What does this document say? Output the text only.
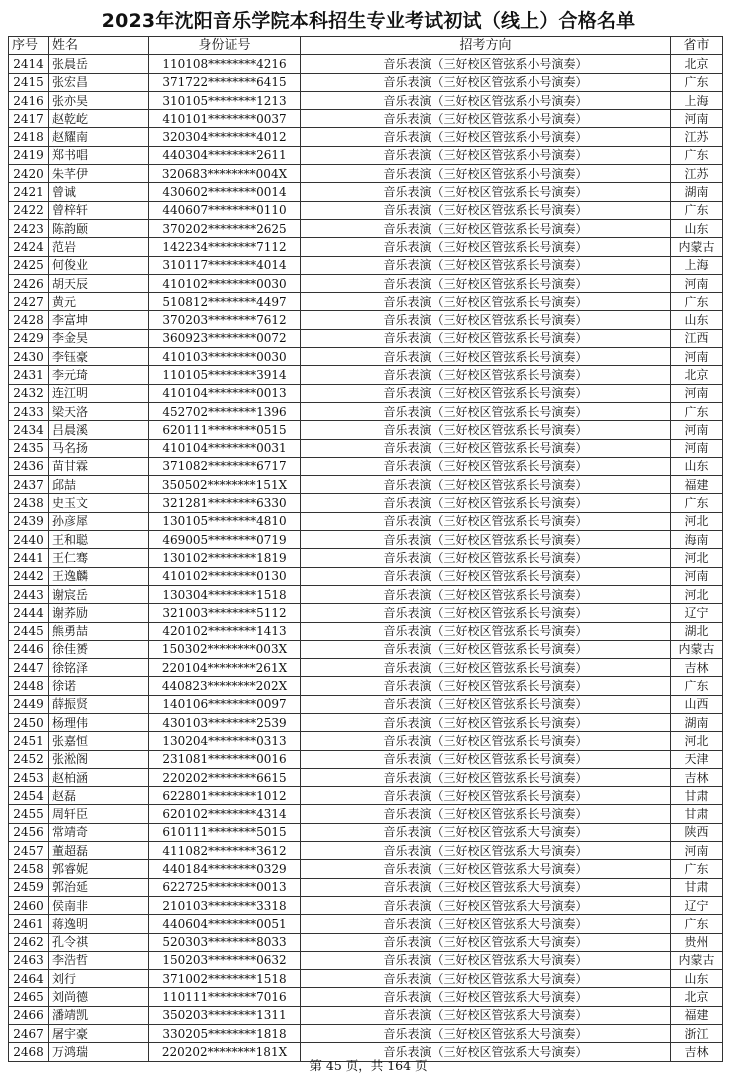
2023年沈阳音乐学院本科招生专业考试初试（线上）合格名单
序号	姓名	身份证号	招考方向	省市
2414	张晨岳	110108********4216	音乐表演（三好校区管弦系小号演奏）	北京
2415	张宏昌	371722********6415	音乐表演（三好校区管弦系小号演奏）	广东
2416	张亦昊	310105********1213	音乐表演（三好校区管弦系小号演奏）	上海
2417	赵乾屹	410101********0037	音乐表演（三好校区管弦系小号演奏）	河南
2418	赵耀南	320304********4012	音乐表演（三好校区管弦系小号演奏）	江苏
2419	郑书唱	440304********2611	音乐表演（三好校区管弦系小号演奏）	广东
2420	朱芊伊	320683********004X	音乐表演（三好校区管弦系小号演奏）	江苏
2421	曾诚	430602********0014	音乐表演（三好校区管弦系长号演奏）	湖南
2422	曾梓轩	440607********0110	音乐表演（三好校区管弦系长号演奏）	广东
2423	陈韵颐	370202********2625	音乐表演（三好校区管弦系长号演奏）	山东
2424	范岩	142234********7112	音乐表演（三好校区管弦系长号演奏）	内蒙古
2425	何俊业	310117********4014	音乐表演（三好校区管弦系长号演奏）	上海
2426	胡天辰	410102********0030	音乐表演（三好校区管弦系长号演奏）	河南
2427	黄元	510812********4497	音乐表演（三好校区管弦系长号演奏）	广东
2428	李富坤	370203********7612	音乐表演（三好校区管弦系长号演奏）	山东
2429	李金昊	360923********0072	音乐表演（三好校区管弦系长号演奏）	江西
2430	李钰豪	410103********0030	音乐表演（三好校区管弦系长号演奏）	河南
2431	李元琦	110105********3914	音乐表演（三好校区管弦系长号演奏）	北京
2432	连江明	410104********0013	音乐表演（三好校区管弦系长号演奏）	河南
2433	梁天洛	452702********1396	音乐表演（三好校区管弦系长号演奏）	广东
2434	吕晨溪	620111********0515	音乐表演（三好校区管弦系长号演奏）	河南
2435	马名扬	410104********0031	音乐表演（三好校区管弦系长号演奏）	河南
2436	苗甘霖	371082********6717	音乐表演（三好校区管弦系长号演奏）	山东
2437	邱喆	350502********151X	音乐表演（三好校区管弦系长号演奏）	福建
2438	史玉文	321281********6330	音乐表演（三好校区管弦系长号演奏）	广东
2439	孙彦犀	130105********4810	音乐表演（三好校区管弦系长号演奏）	河北
2440	王和聪	469005********0719	音乐表演（三好校区管弦系长号演奏）	海南
2441	王仁骞	130102********1819	音乐表演（三好校区管弦系长号演奏）	河北
2442	王逸麟	410102********0130	音乐表演（三好校区管弦系长号演奏）	河南
2443	谢宸岳	130304********1518	音乐表演（三好校区管弦系长号演奏）	河北
2444	谢荞励	321003********5112	音乐表演（三好校区管弦系长号演奏）	辽宁
2445	熊勇喆	420102********1413	音乐表演（三好校区管弦系长号演奏）	湖北
2446	徐佳赟	150302********003X	音乐表演（三好校区管弦系长号演奏）	内蒙古
2447	徐铭泽	220104********261X	音乐表演（三好校区管弦系长号演奏）	吉林
2448	徐诺	440823********202X	音乐表演（三好校区管弦系长号演奏）	广东
2449	薛振贤	140106********0097	音乐表演（三好校区管弦系长号演奏）	山西
2450	杨理伟	430103********2539	音乐表演（三好校区管弦系长号演奏）	湖南
2451	张嘉恒	130204********0313	音乐表演（三好校区管弦系长号演奏）	河北
2452	张淞阁	231081********0016	音乐表演（三好校区管弦系长号演奏）	天津
2453	赵柏涵	220202********6615	音乐表演（三好校区管弦系长号演奏）	吉林
2454	赵磊	622801********1012	音乐表演（三好校区管弦系长号演奏）	甘肃
2455	周轩臣	620102********4314	音乐表演（三好校区管弦系长号演奏）	甘肃
2456	常靖奇	610111********5015	音乐表演（三好校区管弦系大号演奏）	陕西
2457	董超磊	411082********3612	音乐表演（三好校区管弦系大号演奏）	河南
2458	郭睿妮	440184********0329	音乐表演（三好校区管弦系大号演奏）	广东
2459	郭治延	622725********0013	音乐表演（三好校区管弦系大号演奏）	甘肃
2460	侯南非	210103********3318	音乐表演（三好校区管弦系大号演奏）	辽宁
2461	蒋逸明	440604********0051	音乐表演（三好校区管弦系大号演奏）	广东
2462	孔令祺	520303********8033	音乐表演（三好校区管弦系大号演奏）	贵州
2463	李浩哲	150203********0632	音乐表演（三好校区管弦系大号演奏）	内蒙古
2464	刘行	371002********1518	音乐表演（三好校区管弦系大号演奏）	山东
2465	刘尚德	110111********7016	音乐表演（三好校区管弦系大号演奏）	北京
2466	潘靖凯	350203********1311	音乐表演（三好校区管弦系大号演奏）	福建
2467	屠宇豪	330205********1818	音乐表演（三好校区管弦系大号演奏）	浙江
2468	万鸿瑞	220202********181X	音乐表演（三好校区管弦系大号演奏）	吉林
第 45 页，共 164 页
